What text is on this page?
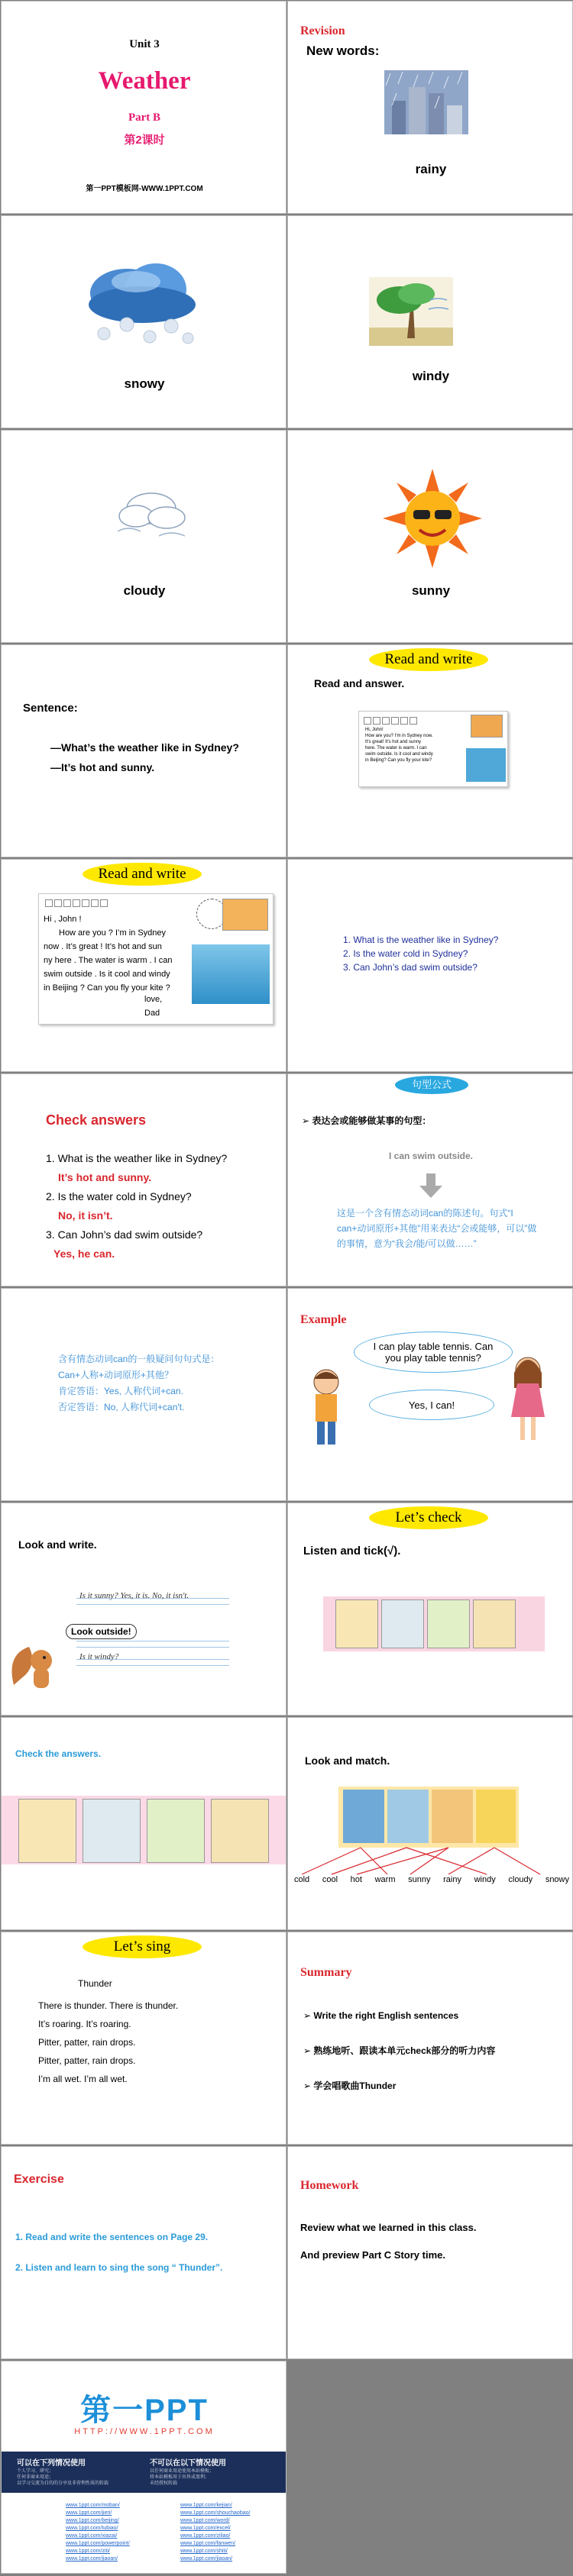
Unit 3
Weather
Part B
第2课时
第一PPT模板网-WWW.1PPT.COM
Revision
New words:
rainy
snowy
windy
cloudy	sunny
Sentence:
—What’s the weather like in Sydney?
—It’s hot and sunny.
Read and write
Read and answer.
Hi, John!
How are you? I'm in Sydney now.
It's great! It's hot and sunny
here. The water is warm. I can
swim outside. Is it cool and windy
in Beijing? Can you fly your kite?
Read and write
Hi , John !
How are you ? I’m in Sydney
now . It’s great ! It’s hot and sun
ny here . The water is warm . I can
swim outside . Is it cool and windy
in Beijing ? Can you fly your kite ?
love,
Dad
1. What is the weather like in Sydney?
2. Is the water cold in Sydney?
3. Can John’s dad swim outside?
Check answers
1. What is the weather like in Sydney?
It’s hot and sunny.
2. Is the water cold in Sydney?
No, it isn’t.
3. Can John’s dad swim outside?
Yes, he can.
句型公式
➢ 表达会或能够做某事的句型：
I can swim outside.
这是一个含有情态动词can的陈述句。句式“I can+动词原形+其他”用来表达“会或能够，可以”做的事情，意为“我会/能/可以做……”
含有情态动词can的一般疑问句句式是：
Can+人称+动词原形+其他？
肯定答语：Yes, 人称代词+can.
否定答语：No, 人称代词+can't.
Example
I can play table tennis. Can you play table tennis?
Yes, I can!
Look and write.
Is it sunny? Yes, it is. No, it isn't.
Look outside!
Is it windy?
Let’s check
Listen and tick(√).
Check the answers.
Look and match.
cold cool hot warm sunny rainy windy cloudy snowy
Let’s sing
Thunder
There is thunder. There is thunder.
It’s roaring. It’s roaring.
Pitter, patter, rain drops.
Pitter, patter, rain drops.
I’m all wet. I’m all wet.
Summary
➢ Write the right English sentences
➢ 熟练地听、跟读本单元check部分的听力内容
➢ 学会唱歌曲Thunder
Exercise
1. Read and write the sentences on Page 29.
2. Listen and learn to sing the song “ Thunder”.
Homework
Review what we learned in this class.
And preview Part C Story time.
第一PPT
HTTP://WWW.1PPT.COM
可以在下列情况使用	不可以在以下情况使用
个人学习、研究；
任何非商业用途；
以学习交流为目的的分享及非营利性质的转载
以任何商业用途使用本站模板；
将本站模板用于出售或盈利；
未经授权转载
www.1ppt.com/moban/
www.1ppt.com/jieri/
www.1ppt.com/beijing/
www.1ppt.com/tubiao/
www.1ppt.com/xiazai/
www.1ppt.com/powerpoint/
www.1ppt.com/ziti/
www.1ppt.com/jiaoan/
www.1ppt.com/kejian/
www.1ppt.com/shouchaobao/
www.1ppt.com/word/
www.1ppt.com/excel/
www.1ppt.com/ziliao/
www.1ppt.com/fanwen/
www.1ppt.com/shiti/
www.1ppt.com/jiaoan/
